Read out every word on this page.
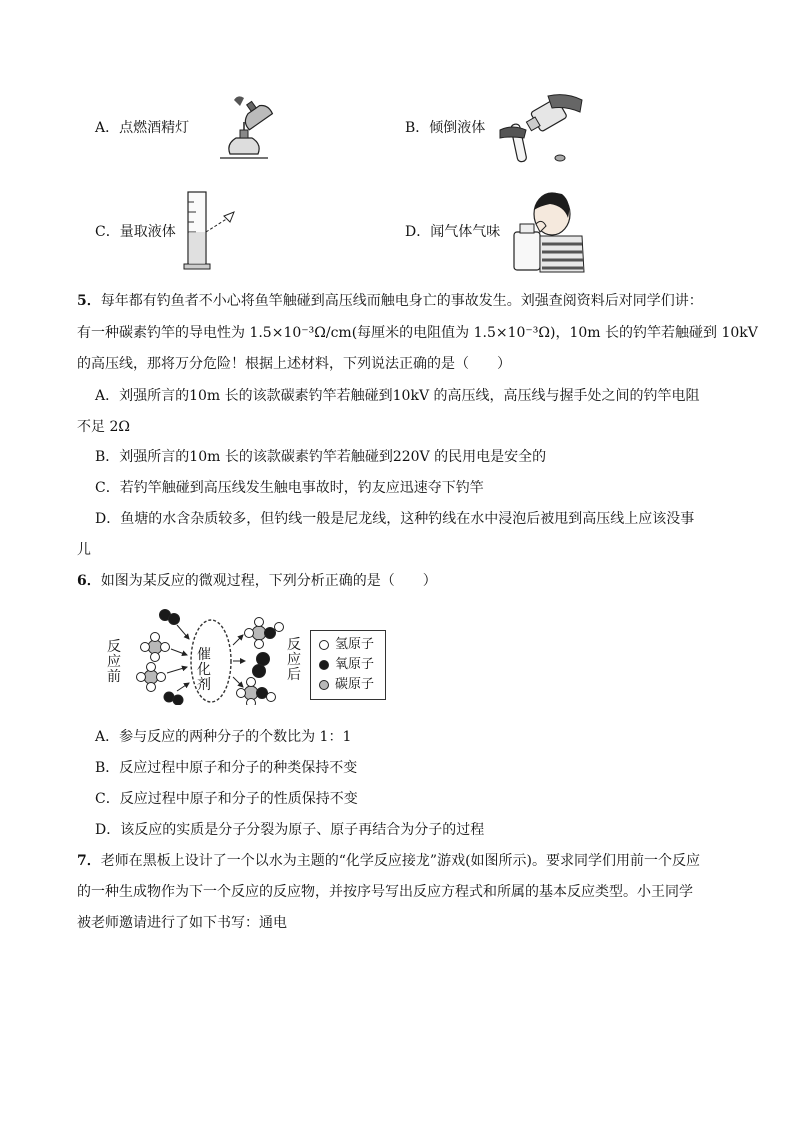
A．点燃酒精灯	B．倾倒液体
C．量取液体	D．闻气体气味
5．每年都有钓鱼者不小心将鱼竿触碰到高压线而触电身亡的事故发生。刘强查阅资料后对同学们讲：
有一种碳素钓竿的导电性为 1.5×10⁻³Ω/cm(每厘米的电阻值为 1.5×10⁻³Ω)，10m 长的钓竿若触碰到 10kV
的高压线，那将万分危险！根据上述材料，下列说法正确的是（　　）
A．刘强所言的10m 长的该款碳素钓竿若触碰到10kV 的高压线，高压线与握手处之间的钓竿电阻
不足 2Ω
B．刘强所言的10m 长的该款碳素钓竿若触碰到220V 的民用电是安全的
C．若钓竿触碰到高压线发生触电事故时，钓友应迅速夺下钓竿
D．鱼塘的水含杂质较多，但钓线一般是尼龙线，这种钓线在水中浸泡后被甩到高压线上应该没事
儿
6．如图为某反应的微观过程，下列分析正确的是（　　）
反应前
反应后
催化剂
氢原子
氧原子
碳原子
A．参与反应的两种分子的个数比为 1：1
B．反应过程中原子和分子的种类保持不变
C．反应过程中原子和分子的性质保持不变
D．该反应的实质是分子分裂为原子、原子再结合为分子的过程
7．老师在黑板上设计了一个以水为主题的“化学反应接龙”游戏(如图所示)。要求同学们用前一个反应
的一种生成物作为下一个反应的反应物，并按序号写出反应方程式和所属的基本反应类型。小王同学
被老师邀请进行了如下书写：通电
